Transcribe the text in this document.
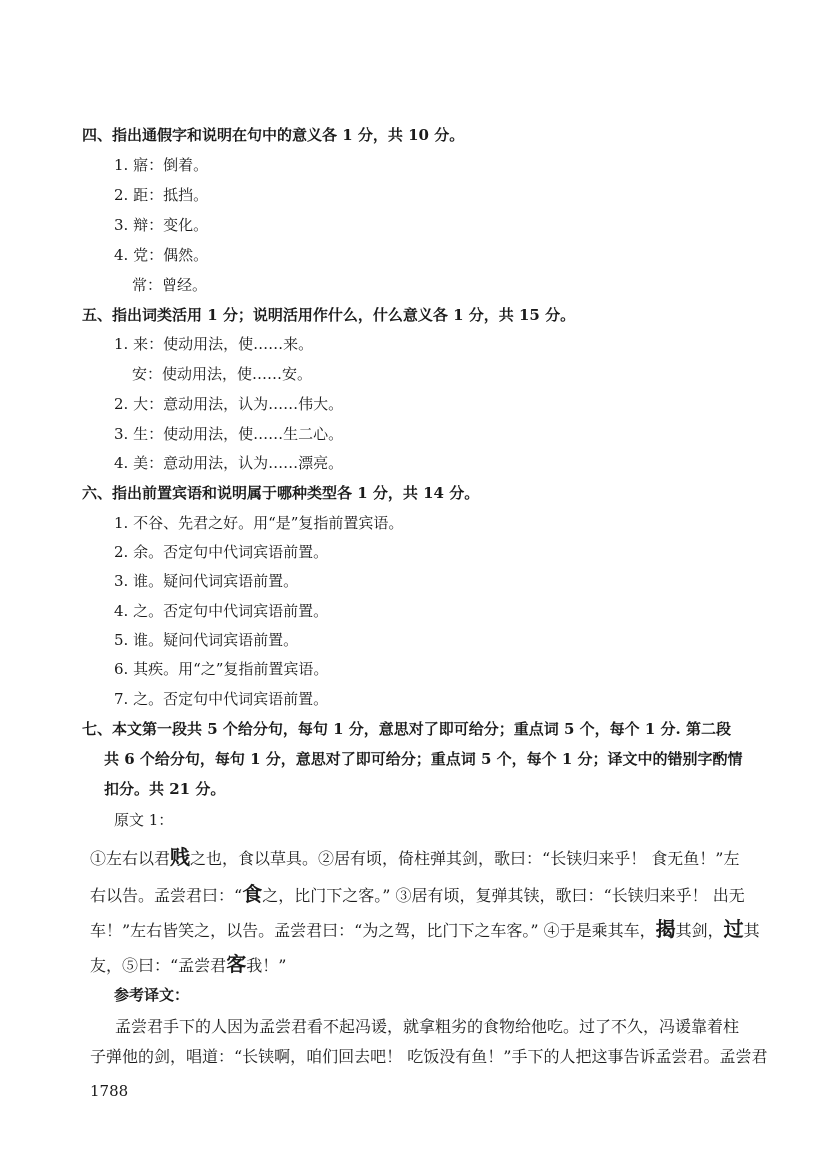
四、指出通假字和说明在句中的意义各 1 分，共 10 分。
1. 寤：倒着。
2. 距：抵挡。
3. 辩：变化。
4. 党：偶然。
常：曾经。
五、指出词类活用 1 分；说明活用作什么，什么意义各 1 分，共 15 分。
1. 来：使动用法，使……来。
安：使动用法，使……安。
2. 大：意动用法，认为……伟大。
3. 生：使动用法，使……生二心。
4. 美：意动用法，认为……漂亮。
六、指出前置宾语和说明属于哪种类型各 1 分，共 14 分。
1. 不谷、先君之好。用“是”复指前置宾语。
2. 余。否定句中代词宾语前置。
3. 谁。疑问代词宾语前置。
4. 之。否定句中代词宾语前置。
5. 谁。疑问代词宾语前置。
6. 其疾。用“之”复指前置宾语。
7. 之。否定句中代词宾语前置。
七、本文第一段共 5 个给分句，每句 1 分，意思对了即可给分；重点词 5 个，每个 1 分. 第二段
共 6 个给分句，每句 1 分，意思对了即可给分；重点词 5 个，每个 1 分；译文中的错别字酌情
扣分。共 21 分。
原文 1：
①左右以君贱之也，食以草具。②居有顷，倚柱弹其剑，歌曰：“长铗归来乎！ 食无鱼！”左
右以告。孟尝君曰：“食之，比门下之客。” ③居有顷，复弹其铗，歌曰：“长铗归来乎！ 出无
车！”左右皆笑之，以告。孟尝君曰：“为之驾，比门下之车客。” ④于是乘其车，揭其剑，过其
友，⑤曰：“孟尝君客我！”
参考译文：
孟尝君手下的人因为孟尝君看不起冯谖，就拿粗劣的食物给他吃。过了不久，冯谖靠着柱
子弹他的剑，唱道：“长铗啊，咱们回去吧！ 吃饭没有鱼！”手下的人把这事告诉孟尝君。孟尝君
1788
